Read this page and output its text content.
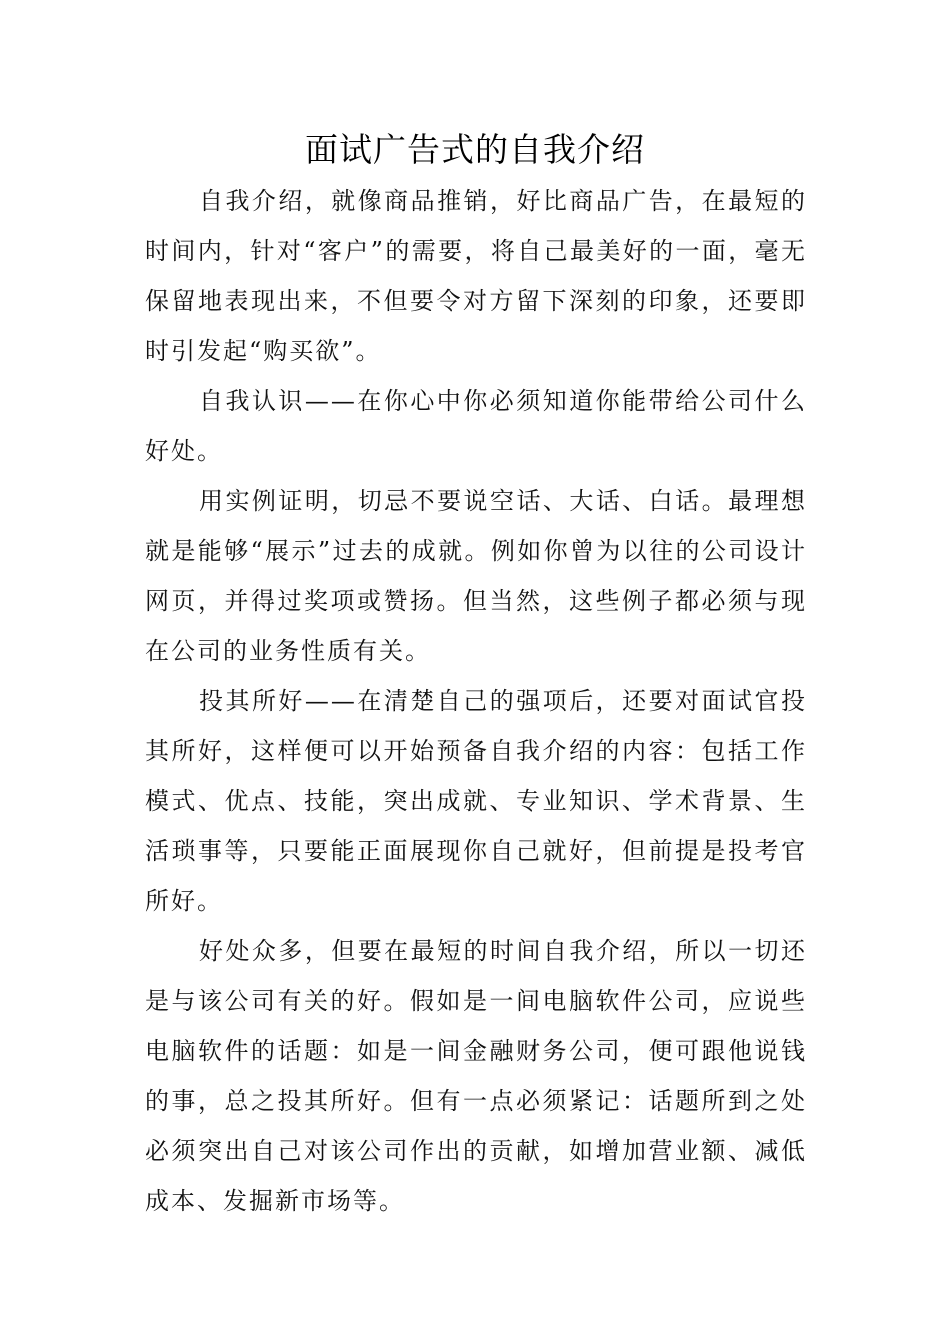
面试广告式的自我介绍

自我介绍，就像商品推销，好比商品广告，在最短的时间内，针对“客户”的需要，将自己最美好的一面，毫无保留地表现出来，不但要令对方留下深刻的印象，还要即时引发起“购买欲”。

自我认识——在你心中你必须知道你能带给公司什么好处。

用实例证明，切忌不要说空话、大话、白话。最理想就是能够“展示”过去的成就。例如你曾为以往的公司设计网页，并得过奖项或赞扬。但当然，这些例子都必须与现在公司的业务性质有关。

投其所好——在清楚自己的强项后，还要对面试官投其所好，这样便可以开始预备自我介绍的内容：包括工作模式、优点、技能，突出成就、专业知识、学术背景、生活琐事等，只要能正面展现你自己就好，但前提是投考官所好。

好处众多，但要在最短的时间自我介绍，所以一切还是与该公司有关的好。假如是一间电脑软件公司，应说些电脑软件的话题：如是一间金融财务公司，便可跟他说钱的事，总之投其所好。但有一点必须紧记：话题所到之处必须突出自己对该公司作出的贡献，如增加营业额、减低成本、发掘新市场等。
